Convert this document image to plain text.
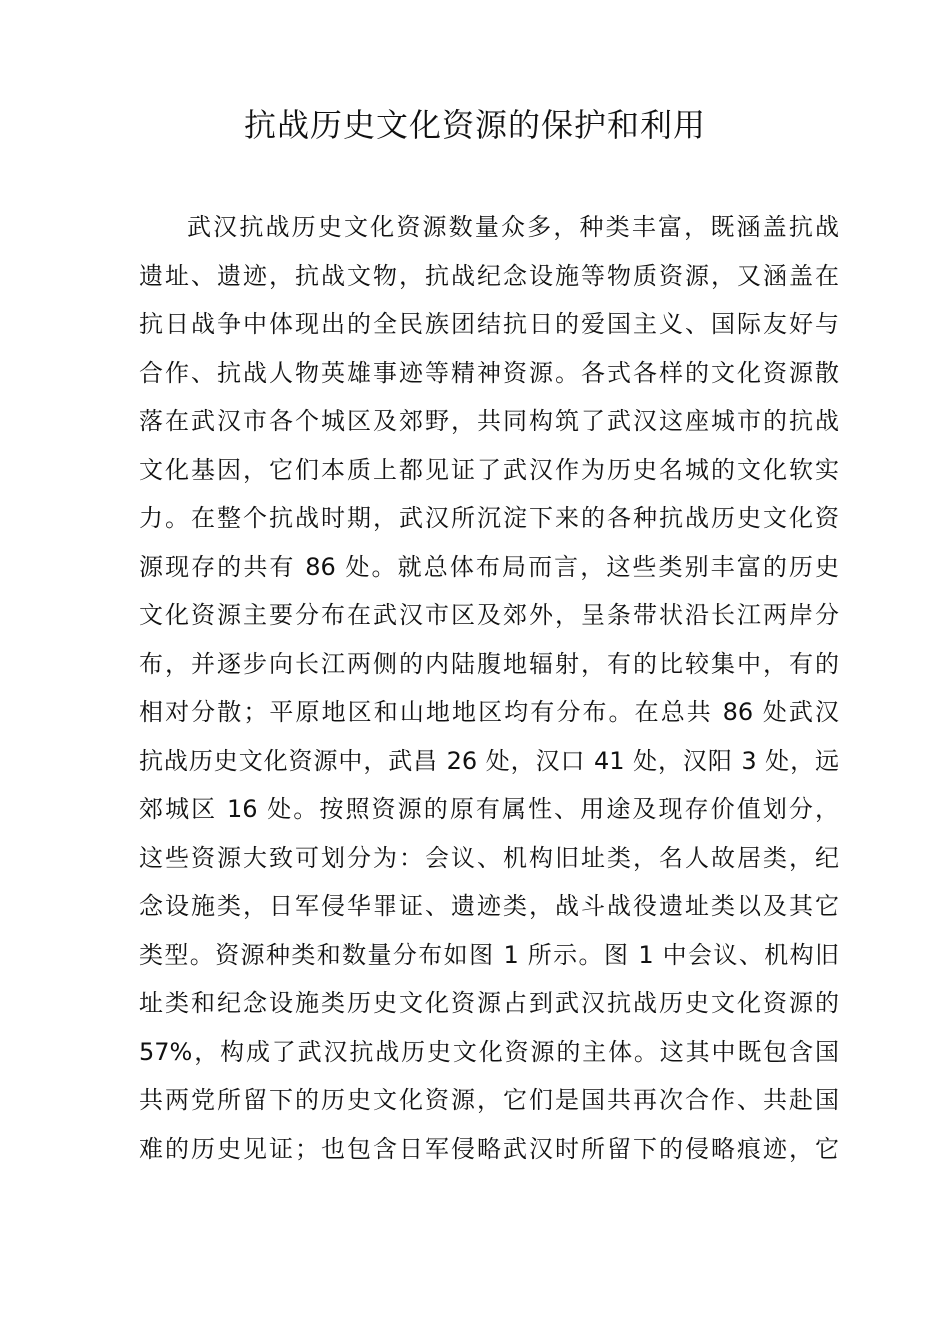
抗战历史文化资源的保护和利用
武汉抗战历史文化资源数量众多，种类丰富，既涵盖抗战
遗址、遗迹，抗战文物，抗战纪念设施等物质资源，又涵盖在
抗日战争中体现出的全民族团结抗日的爱国主义、国际友好与
合作、抗战人物英雄事迹等精神资源。各式各样的文化资源散
落在武汉市各个城区及郊野，共同构筑了武汉这座城市的抗战
文化基因，它们本质上都见证了武汉作为历史名城的文化软实
力。在整个抗战时期，武汉所沉淀下来的各种抗战历史文化资
源现存的共有 86 处。就总体布局而言，这些类别丰富的历史
文化资源主要分布在武汉市区及郊外，呈条带状沿长江两岸分
布，并逐步向长江两侧的内陆腹地辐射，有的比较集中，有的
相对分散；平原地区和山地地区均有分布。在总共 86 处武汉
抗战历史文化资源中，武昌 26 处，汉口 41 处，汉阳 3 处，远
郊城区 16 处。按照资源的原有属性、用途及现存价值划分，
这些资源大致可划分为：会议、机构旧址类，名人故居类，纪
念设施类，日军侵华罪证、遗迹类，战斗战役遗址类以及其它
类型。资源种类和数量分布如图 1 所示。图 1 中会议、机构旧
址类和纪念设施类历史文化资源占到武汉抗战历史文化资源的
57%，构成了武汉抗战历史文化资源的主体。这其中既包含国
共两党所留下的历史文化资源，它们是国共再次合作、共赴国
难的历史见证；也包含日军侵略武汉时所留下的侵略痕迹，它
